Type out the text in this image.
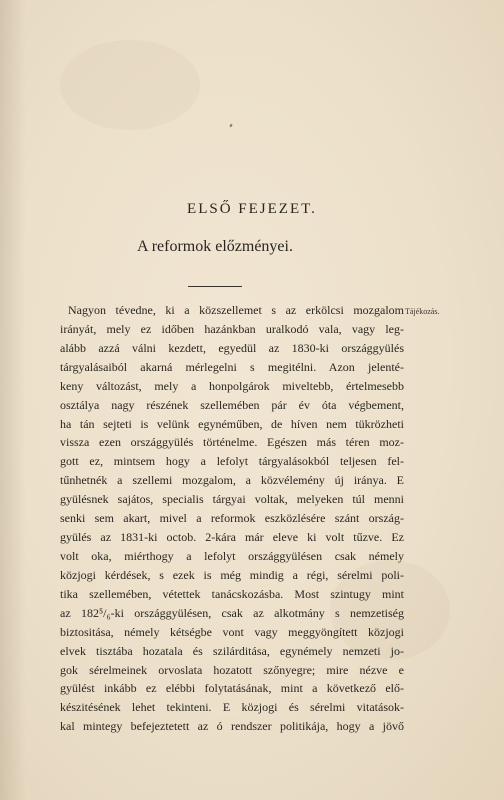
ELSŐ FEJEZET.
A reformok előzményei.
Tájékozás.
Nagyon tévedne, ki a közszellemet s az erkölcsi mozgalom
irányát, mely ez időben hazánkban uralkodó vala, vagy leg-
alább azzá válni kezdett, egyedül az 1830-ki országgyülés
tárgyalásaiból akarná mérlegelni s megitélni. Azon jelenté-
keny változást, mely a honpolgárok miveltebb, értelmesebb
osztálya nagy részének szellemében pár év óta végbement,
ha tán sejteti is velünk egynéműben, de híven nem tükrözheti
vissza ezen országgyülés történelme. Egészen más téren moz-
gott ez, mintsem hogy a lefolyt tárgyalásokból teljesen fel-
tűnhetnék a szellemi mozgalom, a közvélemény új iránya. E
gyülésnek sajátos, specialis tárgyai voltak, melyeken túl menni
senki sem akart, mivel a reformok eszközlésére szánt ország-
gyülés az 1831-ki octob. 2-kára már eleve ki volt tűzve. Ez
volt oka, miérthogy a lefolyt országgyülésen csak némely
közjogi kérdések, s ezek is még mindig a régi, sérelmi poli-
tika szellemében, vétettek tanácskozásba. Most szintugy mint
az 182⁵/₆-ki országgyülésen, csak az alkotmány s nemzetiség
biztositása, némely kétségbe vont vagy meggyöngített közjogi
elvek tisztába hozatala és szilárditása, egynémely nemzeti jo-
gok sérelmeinek orvoslata hozatott szőnyegre; mire nézve e
gyülést inkább ez elébbi folytatásának, mint a következő elő-
készitésének lehet tekinteni. E közjogi és sérelmi vitatások-
kal mintegy befejeztetett az ó rendszer politikája, hogy a jövő
